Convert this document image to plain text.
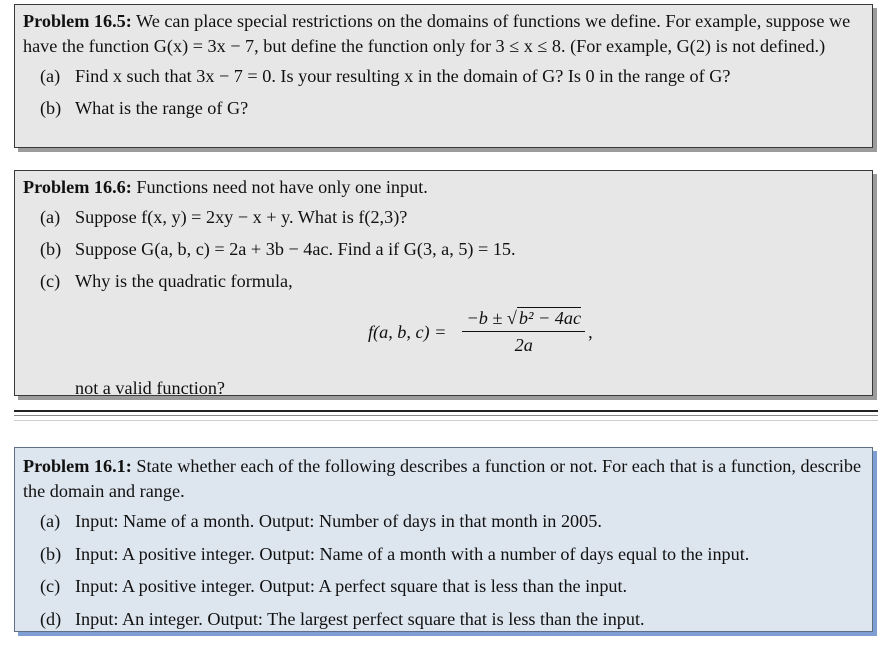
Problem 16.5: We can place special restrictions on the domains of functions we define. For example, suppose we have the function G(x) = 3x − 7, but define the function only for 3 ≤ x ≤ 8. (For example, G(2) is not defined.)

(a) Find x such that 3x − 7 = 0. Is your resulting x in the domain of G? Is 0 in the range of G?

(b) What is the range of G?

Problem 16.6: Functions need not have only one input.

(a) Suppose f(x, y) = 2xy − x + y. What is f(2,3)?

(b) Suppose G(a, b, c) = 2a + 3b − 4ac. Find a if G(3, a, 5) = 15.

(c) Why is the quadratic formula,

f(a, b, $c) = \frac{\text{−b ± √ b² − 4ac}}{2a}$ ,

not a valid function?

Problem 16.1: State whether each of the following describes a function or not. For each that is a function, describe the domain and range.

(a) Input: Name of a month. Output: Number of days in that month in 2005.

(b) Input: A positive integer. Output: Name of a month with a number of days equal to the input.

(c) Input: A positive integer. Output: A perfect square that is less than the input.

(d) Input: An integer. Output: The largest perfect square that is less than the input.
